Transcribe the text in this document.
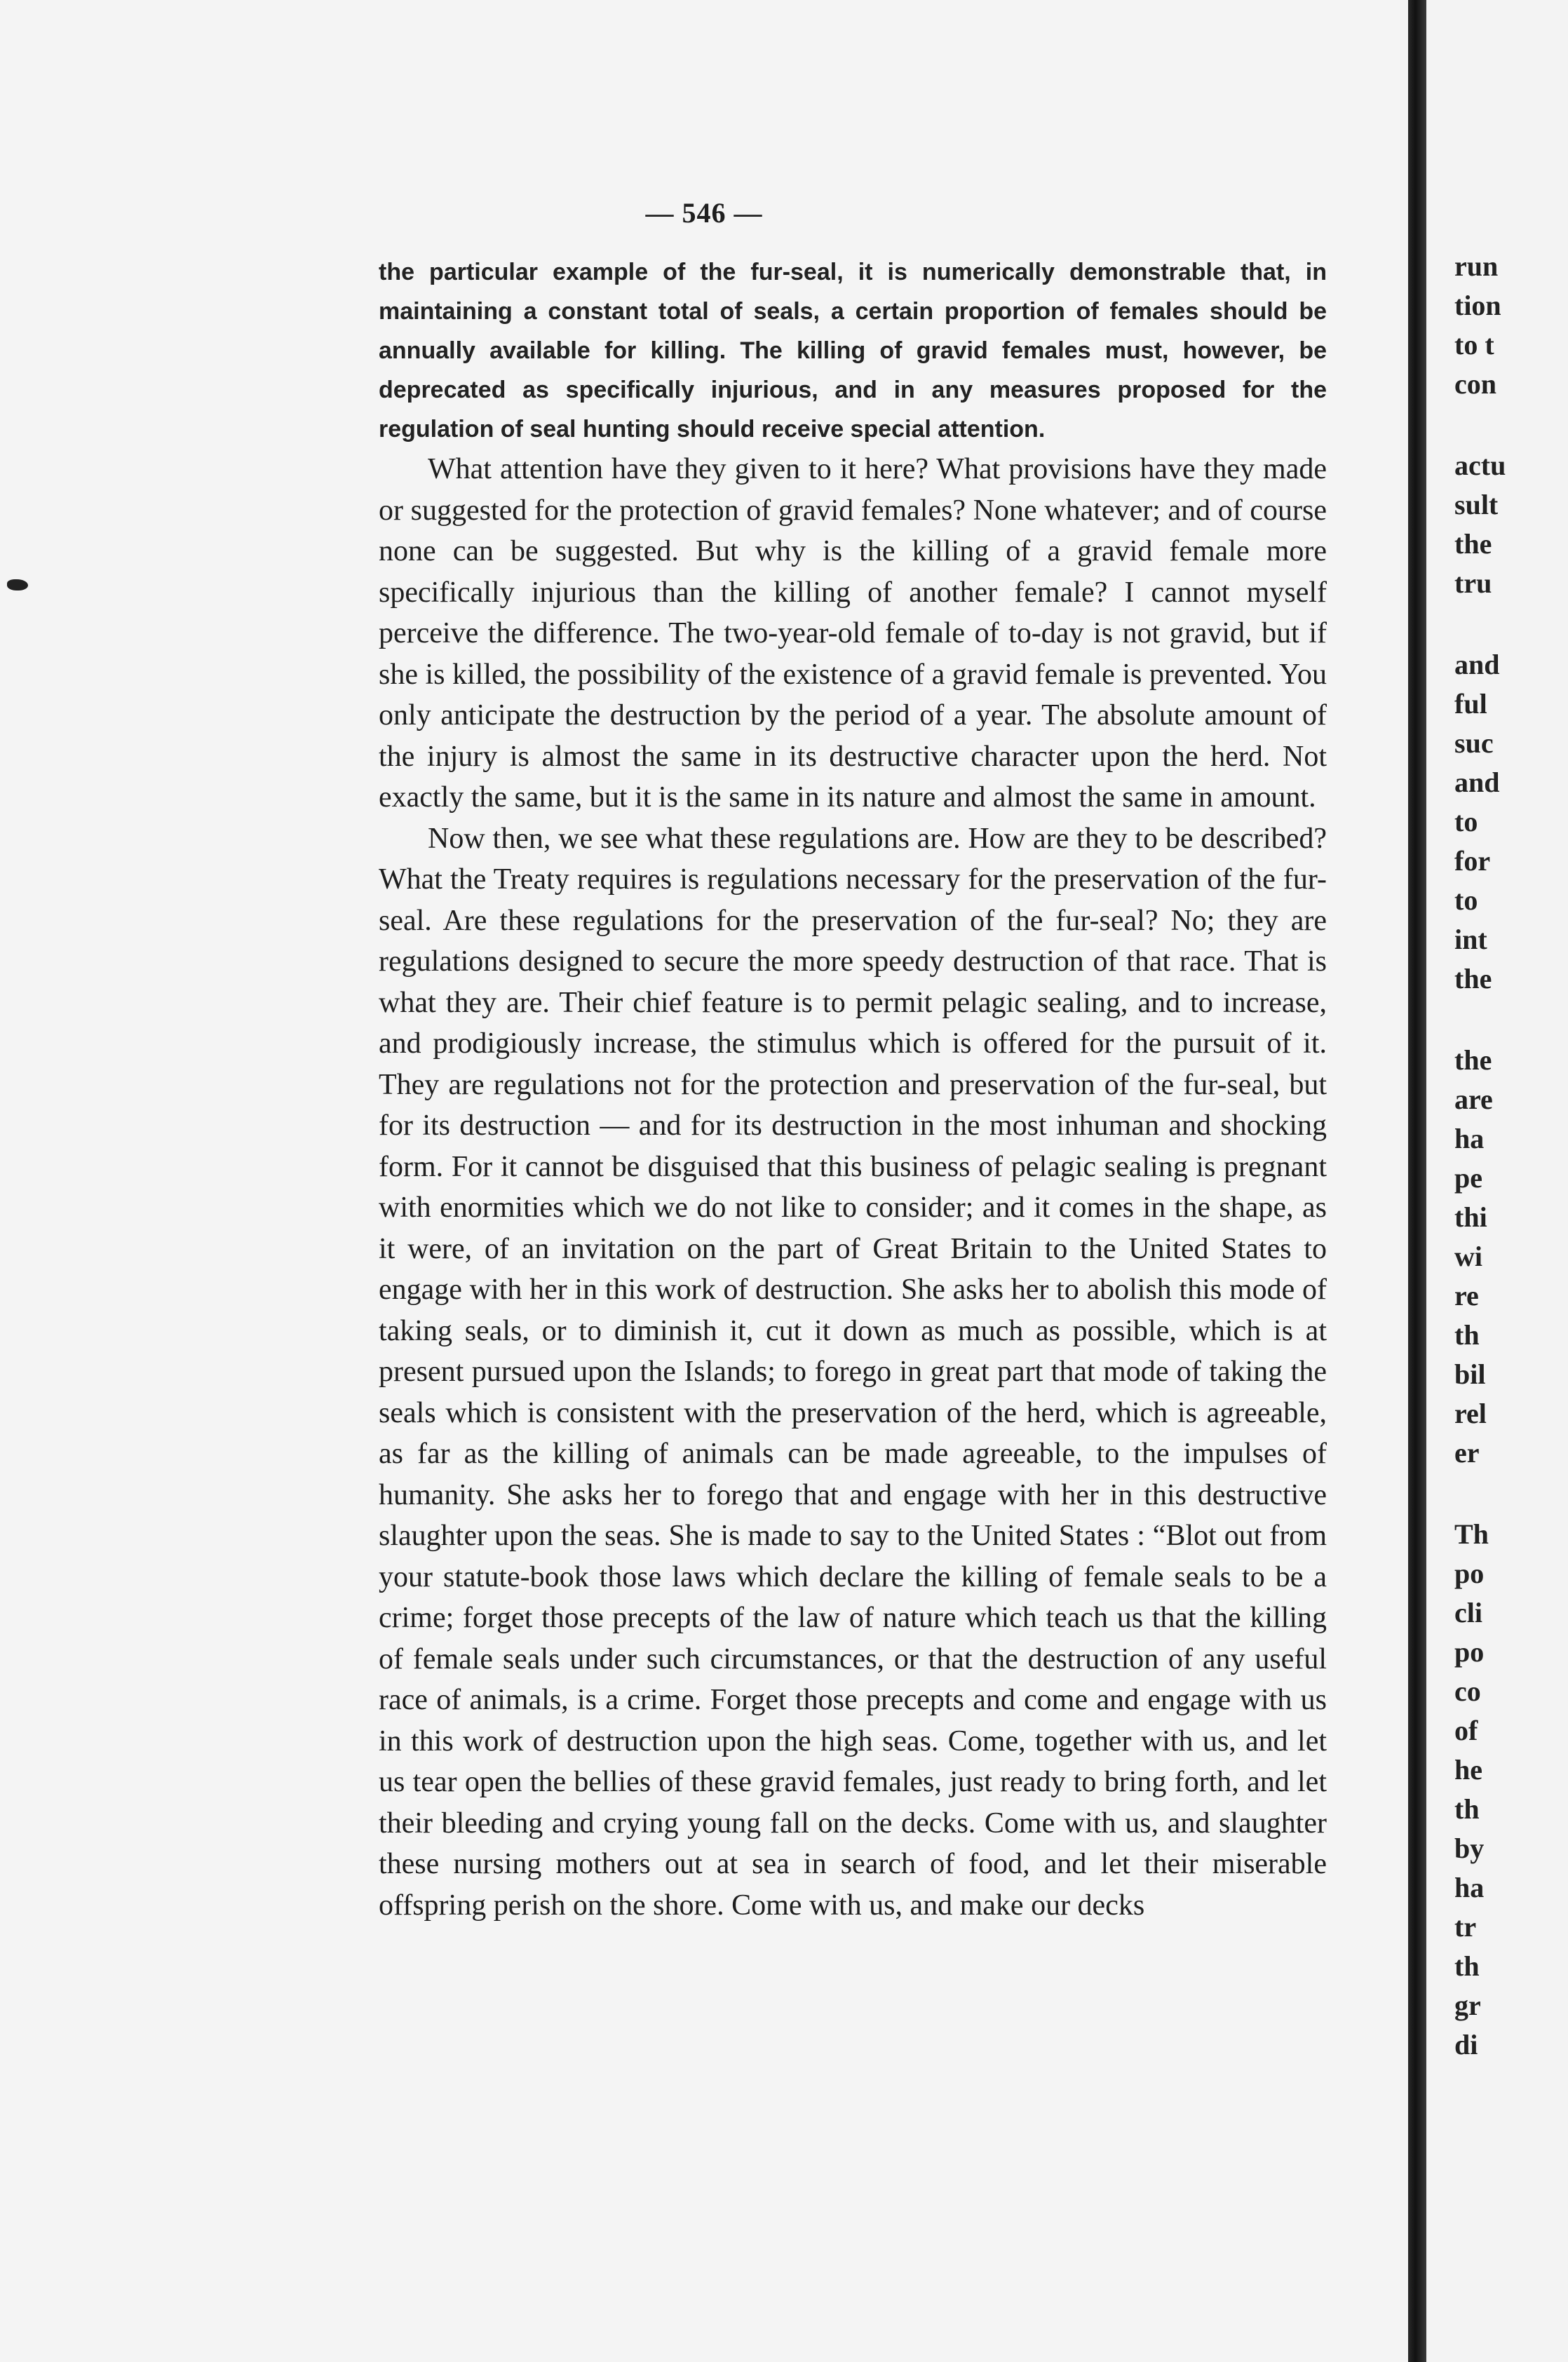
— 546 —
the particular example of the fur-seal, it is numerically demonstrable that, in maintaining a constant total of seals, a certain proportion of females should be annually available for killing. The killing of gravid females must, however, be deprecated as specifically injurious, and in any measures proposed for the regulation of seal hunting should receive special attention.

What attention have they given to it here? What provisions have they made or suggested for the protection of gravid females? None whatever; and of course none can be suggested. But why is the killing of a gravid female more specifically injurious than the killing of another female? I cannot myself perceive the difference. The two-year-old female of to-day is not gravid, but if she is killed, the possibility of the existence of a gravid female is prevented. You only anticipate the destruction by the period of a year. The absolute amount of the injury is almost the same in its destructive character upon the herd. Not exactly the same, but it is the same in its nature and almost the same in amount.

Now then, we see what these regulations are. How are they to be described? What the Treaty requires is regulations necessary for the preservation of the fur-seal. Are these regulations for the preservation of the fur-seal? No; they are regulations designed to secure the more speedy destruction of that race. That is what they are. Their chief feature is to permit pelagic sealing, and to increase, and prodigiously increase, the stimulus which is offered for the pursuit of it. They are regulations not for the protection and preservation of the fur-seal, but for its destruction — and for its destruction in the most inhuman and shocking form. For it cannot be disguised that this business of pelagic sealing is pregnant with enormities which we do not like to consider; and it comes in the shape, as it were, of an invitation on the part of Great Britain to the United States to engage with her in this work of destruction. She asks her to abolish this mode of taking seals, or to diminish it, cut it down as much as possible, which is at present pursued upon the Islands; to forego in great part that mode of taking the seals which is consistent with the preservation of the herd, which is agreeable, as far as the killing of animals can be made agreeable, to the impulses of humanity. She asks her to forego that and engage with her in this destructive slaughter upon the seas. She is made to say to the United States : “Blot out from your statute-book those laws which declare the killing of female seals to be a crime; forget those precepts of the law of nature which teach us that the killing of female seals under such circumstances, or that the destruction of any useful race of animals, is a crime. Forget those precepts and come and engage with us in this work of destruction upon the high seas. Come, together with us, and let us tear open the bellies of these gravid females, just ready to bring forth, and let their bleeding and crying young fall on the decks. Come with us, and slaughter these nursing mothers out at sea in search of food, and let their miserable offspring perish on the shore. Come with us, and make our decks

run
tion
to t
con
actu
sult
the
tru
and
ful
suc
and
to
for
to
int
the
the
are
ha
pe
thi
wi
re
th
bil
rel
er
Th
po
cli
po
co
of
he
th
by
ha
tr
th
gr
di
